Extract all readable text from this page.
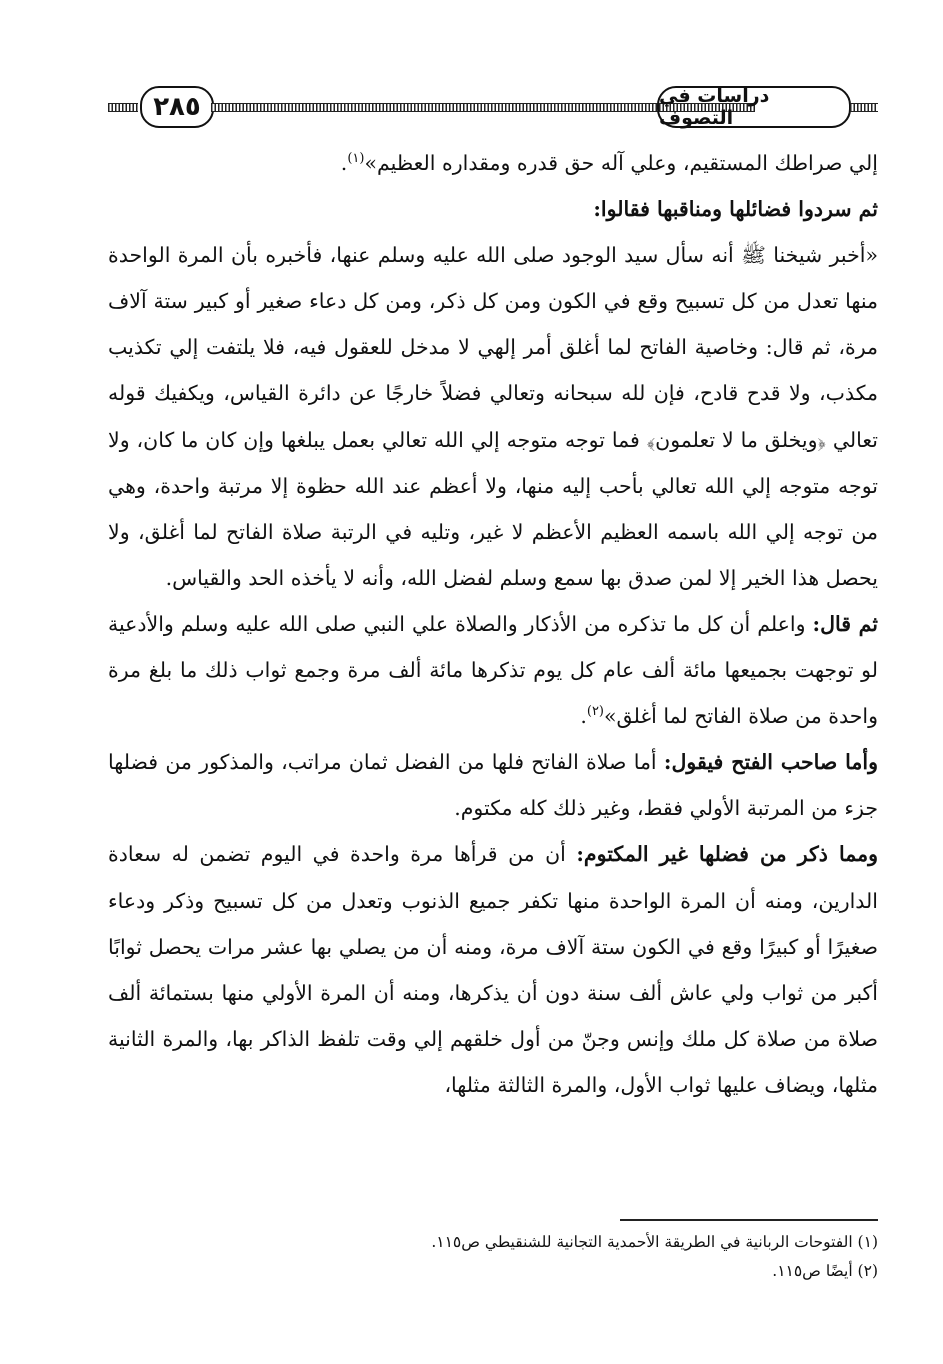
٢٨٥	دراسات في التصوف

إلي صراطك المستقيم، وعلي آله حق قدره ومقداره العظيم»$^{(١)}$.

ثم سردوا فضائلها ومناقبها فقالوا:

«أخبر شيخنا ﷺ أنه سأل سيد الوجود صلى الله عليه وسلم عنها، فأخبره بأن المرة الواحدة منها تعدل من كل تسبيح وقع في الكون ومن كل ذكر، ومن كل دعاء صغير أو كبير ستة آلاف مرة، ثم قال: وخاصية الفاتح لما أغلق أمر إلهي لا مدخل للعقول فيه، فلا يلتفت إلي تكذيب مكذب، ولا قدح قادح، فإن لله سبحانه وتعالي فضلاً خارجًا عن دائرة القياس، ويكفيك قوله تعالي ﴿ويخلق ما لا تعلمون﴾ فما توجه متوجه إلي الله تعالي بعمل يبلغها وإن كان ما كان، ولا توجه متوجه إلي الله تعالي بأحب إليه منها، ولا أعظم عند الله حظوة إلا مرتبة واحدة، وهي من توجه إلي الله باسمه العظيم الأعظم لا غير، وتليه في الرتبة صلاة الفاتح لما أغلق، ولا يحصل هذا الخير إلا لمن صدق بها سمع وسلم لفضل الله، وأنه لا يأخذه الحد والقياس.

ثم قال: واعلم أن كل ما تذكره من الأذكار والصلاة علي النبي صلى الله عليه وسلم والأدعية لو توجهت بجميعها مائة ألف عام كل يوم تذكرها مائة ألف مرة وجمع ثواب ذلك ما بلغ مرة واحدة من صلاة الفاتح لما أغلق»$^{(٢)}$.

وأما صاحب الفتح فيقول: أما صلاة الفاتح فلها من الفضل ثمان مراتب، والمذكور من فضلها جزء من المرتبة الأولي فقط، وغير ذلك كله مكتوم.

ومما ذكر من فضلها غير المكتوم: أن من قرأها مرة واحدة في اليوم تضمن له سعادة الدارين، ومنه أن المرة الواحدة منها تكفر جميع الذنوب وتعدل من كل تسبيح وذكر ودعاء صغيرًا أو كبيرًا وقع في الكون ستة آلاف مرة، ومنه أن من يصلي بها عشر مرات يحصل ثوابًا أكبر من ثواب ولي عاش ألف سنة دون أن يذكرها، ومنه أن المرة الأولي منها بستمائة ألف صلاة من صلاة كل ملك وإنس وجنّ من أول خلقهم إلي وقت تلفظ الذاكر بها، والمرة الثانية مثلها، ويضاف عليها ثواب الأول، والمرة الثالثة مثلها،

(١) الفتوحات الربانية في الطريقة الأحمدية التجانية للشنقيطي ص١١٥.

(٢) أيضًا ص١١٥.
